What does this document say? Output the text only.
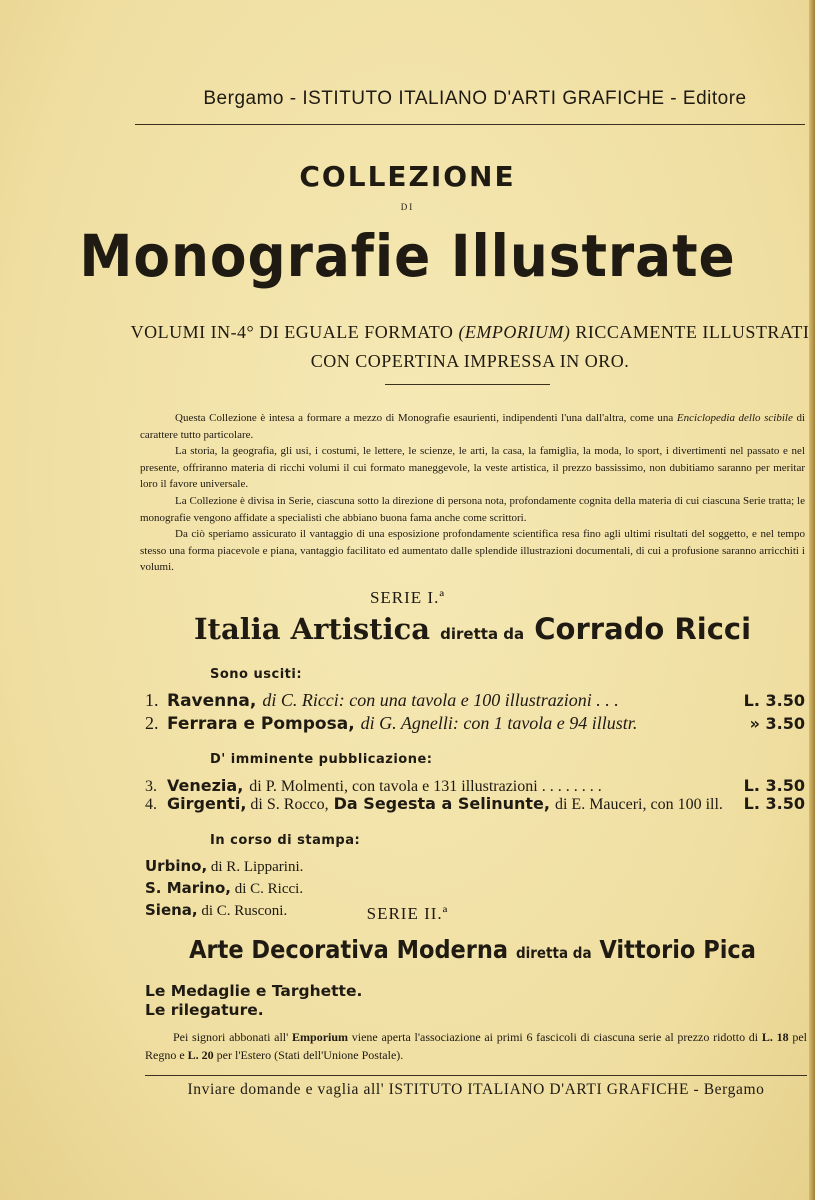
Bergamo - ISTITUTO ITALIANO D'ARTI GRAFICHE - Editore
COLLEZIONE
DI
Monografie Illustrate
VOLUMI IN-4° DI EGUALE FORMATO (EMPORIUM) RICCAMENTE ILLUSTRATI
CON COPERTINA IMPRESSA IN ORO.

Questa Collezione è intesa a formare a mezzo di Monografie esaurienti, indipendenti l'una dall'altra, come una Enciclopedia dello scibile di carattere tutto particolare.

La storia, la geografia, gli usi, i costumi, le lettere, le scienze, le arti, la casa, la famiglia, la moda, lo sport, i divertimenti nel passato e nel presente, offriranno materia di ricchi volumi il cui formato maneggevole, la veste artistica, il prezzo bassissimo, non dubitiamo saranno per meritar loro il favore universale.

La Collezione è divisa in Serie, ciascuna sotto la direzione di persona nota, profondamente cognita della materia di cui ciascuna Serie tratta; le monografie vengono affidate a specialisti che abbiano buona fama anche come scrittori.

Da ciò speriamo assicurato il vantaggio di una esposizione profondamente scientifica resa fino agli ultimi risultati del soggetto, e nel tempo stesso una forma piacevole e piana, vantaggio facilitato ed aumentato dalle splendide illustrazioni documentali, di cui a profusione saranno arricchiti i volumi.

SERIE I.ª
Italia Artistica diretta da Corrado Ricci
Sono usciti:
1. Ravenna, di C. Ricci: con una tavola e 100 illustrazioni . . .	L. 3.50
2. Ferrara e Pomposa, di G. Agnelli: con 1 tavola e 94 illustr.	» 3.50
D' imminente pubblicazione:
3. Venezia, di P. Molmenti, con tavola e 131 illustrazioni . . . . . . . .	L. 3.50
4. Girgenti, di S. Rocco, Da Segesta a Selinunte, di E. Mauceri, con 100 ill. L. 3.50
In corso di stampa:
Urbino, di R. Lipparini.
S. Marino, di C. Ricci.
Siena, di C. Rusconi.	SERIE II.ª
Arte Decorativa Moderna diretta da Vittorio Pica
Le Medaglie e Targhette.
Le rilegature.

Pei signori abbonati all' Emporium viene aperta l'associazione ai primi 6 fascicoli di ciascuna serie al prezzo ridotto di L. 18 pel Regno e L. 20 per l'Estero (Stati dell'Unione Postale).

Inviare domande e vaglia all' ISTITUTO ITALIANO D'ARTI GRAFICHE - Bergamo
